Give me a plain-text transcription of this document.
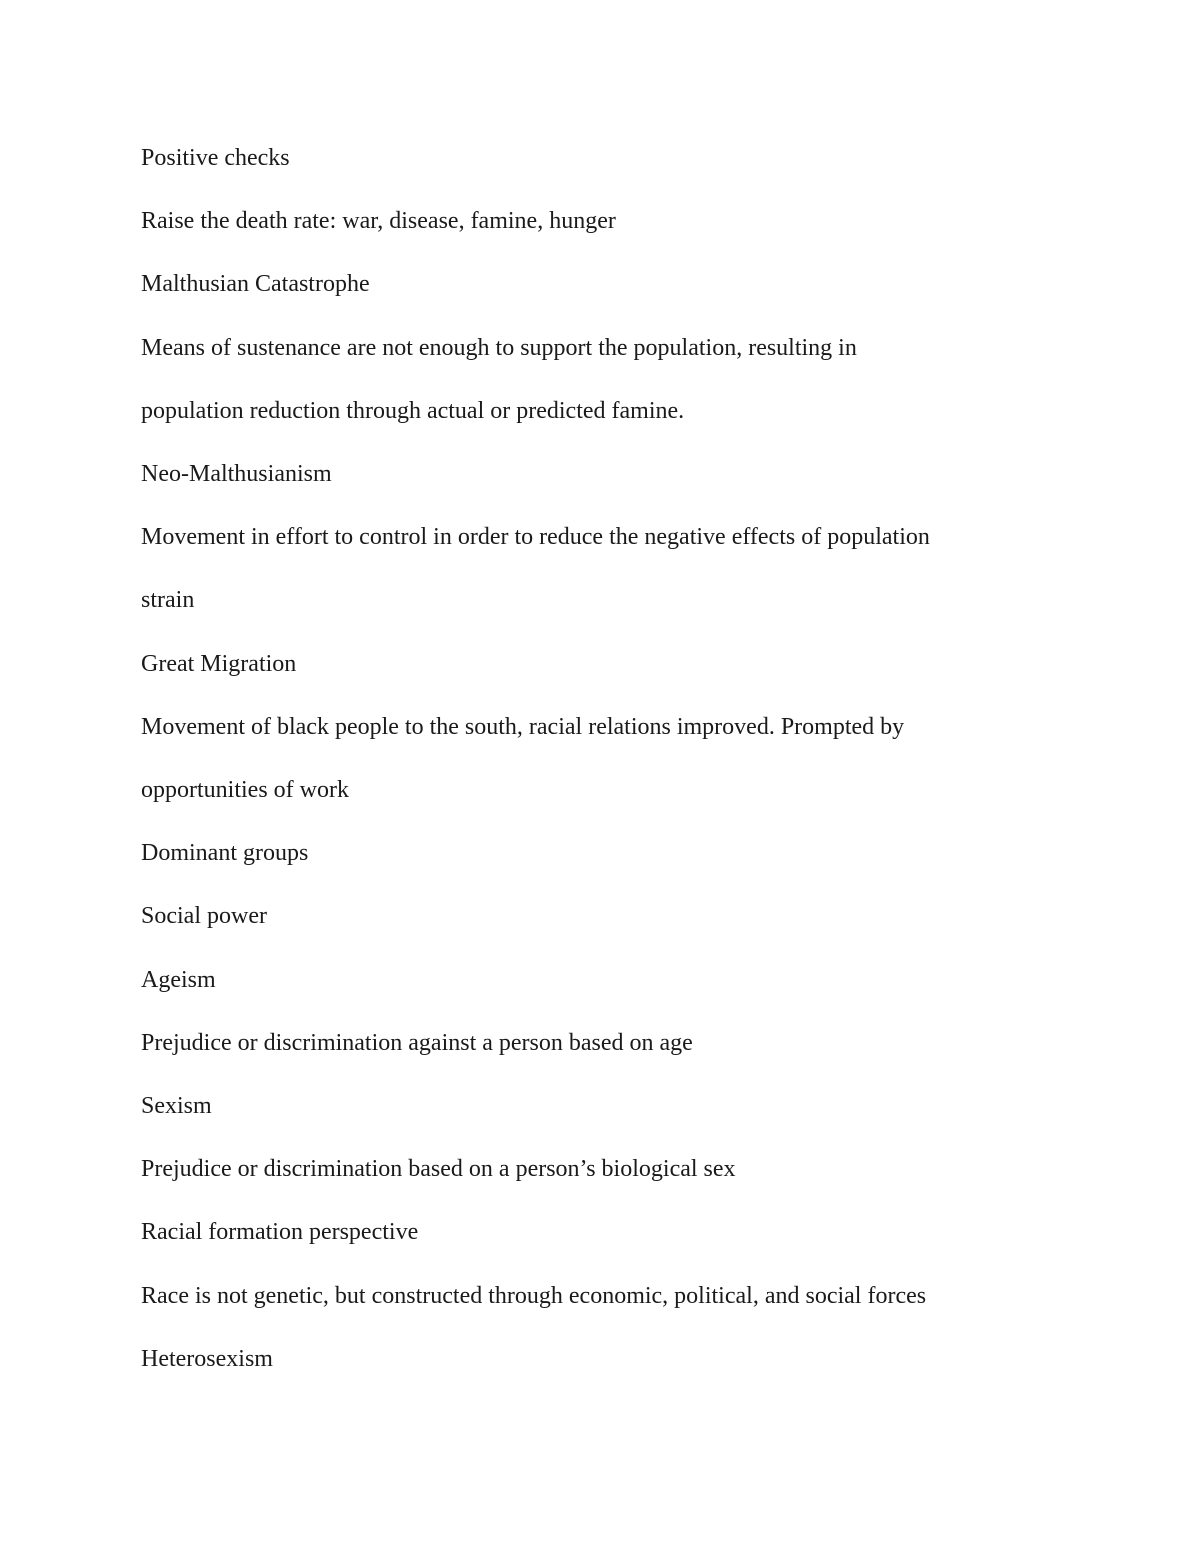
Positive checks

Raise the death rate: war, disease, famine, hunger

Malthusian Catastrophe

Means of sustenance are not enough to support the population, resulting in

population reduction through actual or predicted famine.

Neo-Malthusianism

Movement in effort to control in order to reduce the negative effects of population

strain

Great Migration

Movement of black people to the south, racial relations improved. Prompted by

opportunities of work

Dominant groups

Social power

Ageism

Prejudice or discrimination against a person based on age

Sexism

Prejudice or discrimination based on a person’s biological sex

Racial formation perspective

Race is not genetic, but constructed through economic, political, and social forces

Heterosexism
